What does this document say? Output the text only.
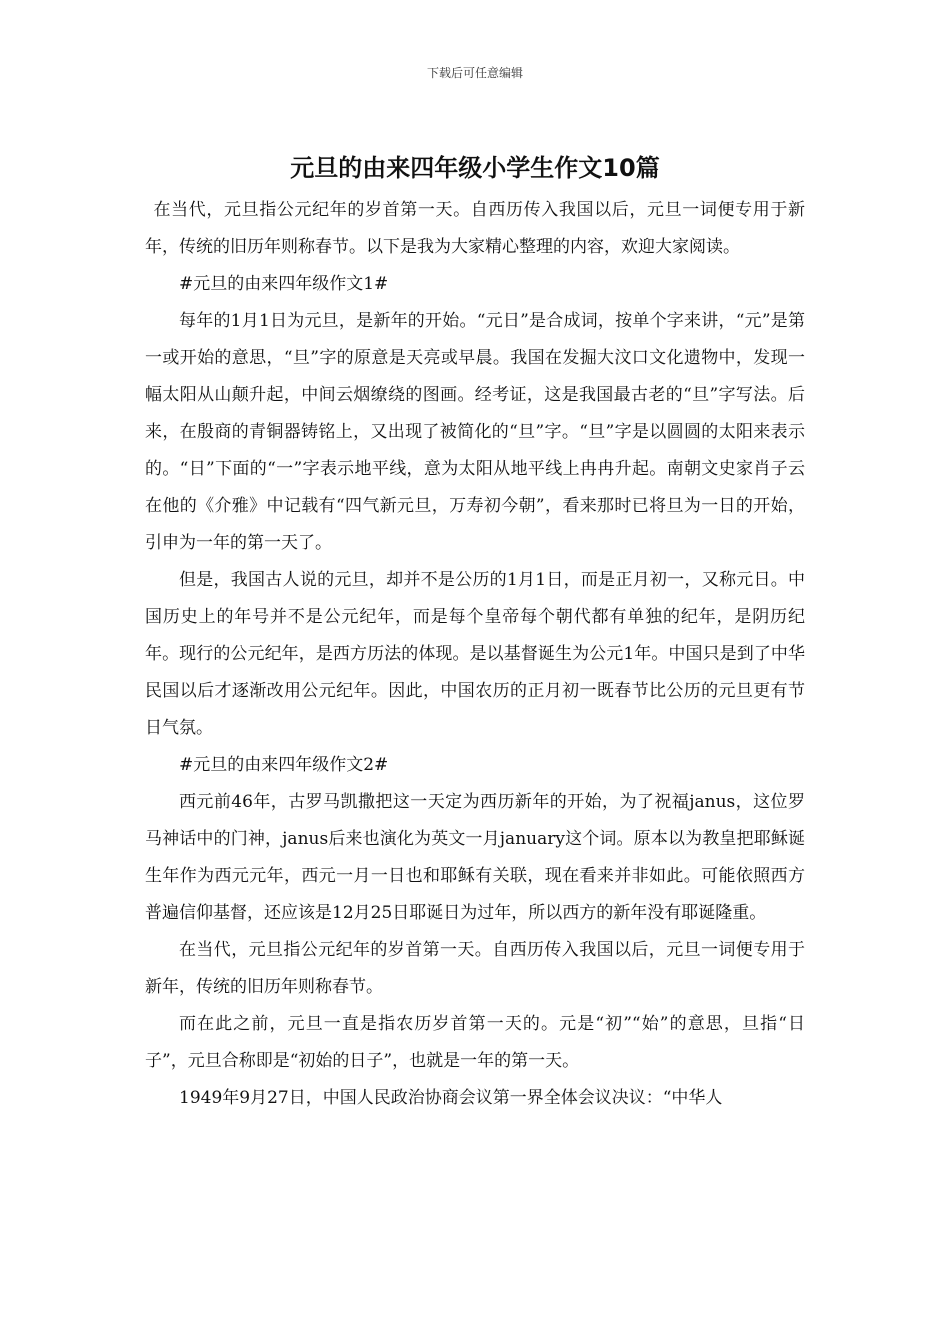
下载后可任意编辑
元旦的由来四年级小学生作文10篇

在当代，元旦指公元纪年的岁首第一天。自西历传入我国以后，元旦一词便专用于新年，传统的旧历年则称春节。以下是我为大家精心整理的内容，欢迎大家阅读。

#元旦的由来四年级作文1#

每年的1月1日为元旦，是新年的开始。“元日”是合成词，按单个字来讲，“元”是第一或开始的意思，“旦”字的原意是天亮或早晨。我国在发掘大汶口文化遗物中，发现一幅太阳从山颠升起，中间云烟缭绕的图画。经考证，这是我国最古老的“旦”字写法。后来，在殷商的青铜器铸铭上，又出现了被简化的“旦”字。“旦”字是以圆圆的太阳来表示的。“日”下面的“一”字表示地平线，意为太阳从地平线上冉冉升起。南朝文史家肖子云在他的《介雅》中记载有“四气新元旦，万寿初今朝”，看来那时已将旦为一日的开始，引申为一年的第一天了。

但是，我国古人说的元旦，却并不是公历的1月1日，而是正月初一，又称元日。中国历史上的年号并不是公元纪年，而是每个皇帝每个朝代都有单独的纪年，是阴历纪年。现行的公元纪年，是西方历法的体现。是以基督诞生为公元1年。中国只是到了中华民国以后才逐渐改用公元纪年。因此，中国农历的正月初一既春节比公历的元旦更有节日气氛。

#元旦的由来四年级作文2#

西元前46年，古罗马凯撒把这一天定为西历新年的开始，为了祝福janus，这位罗马神话中的门神，janus后来也演化为英文一月january这个词。原本以为教皇把耶稣诞生年作为西元元年，西元一月一日也和耶稣有关联，现在看来并非如此。可能依照西方普遍信仰基督，还应该是12月25日耶诞日为过年，所以西方的新年没有耶诞隆重。

在当代，元旦指公元纪年的岁首第一天。自西历传入我国以后，元旦一词便专用于新年，传统的旧历年则称春节。

而在此之前，元旦一直是指农历岁首第一天的。元是“初”“始”的意思，旦指“日子”，元旦合称即是“初始的日子”，也就是一年的第一天。

1949年9月27日，中国人民政治协商会议第一界全体会议决议：“中华人
